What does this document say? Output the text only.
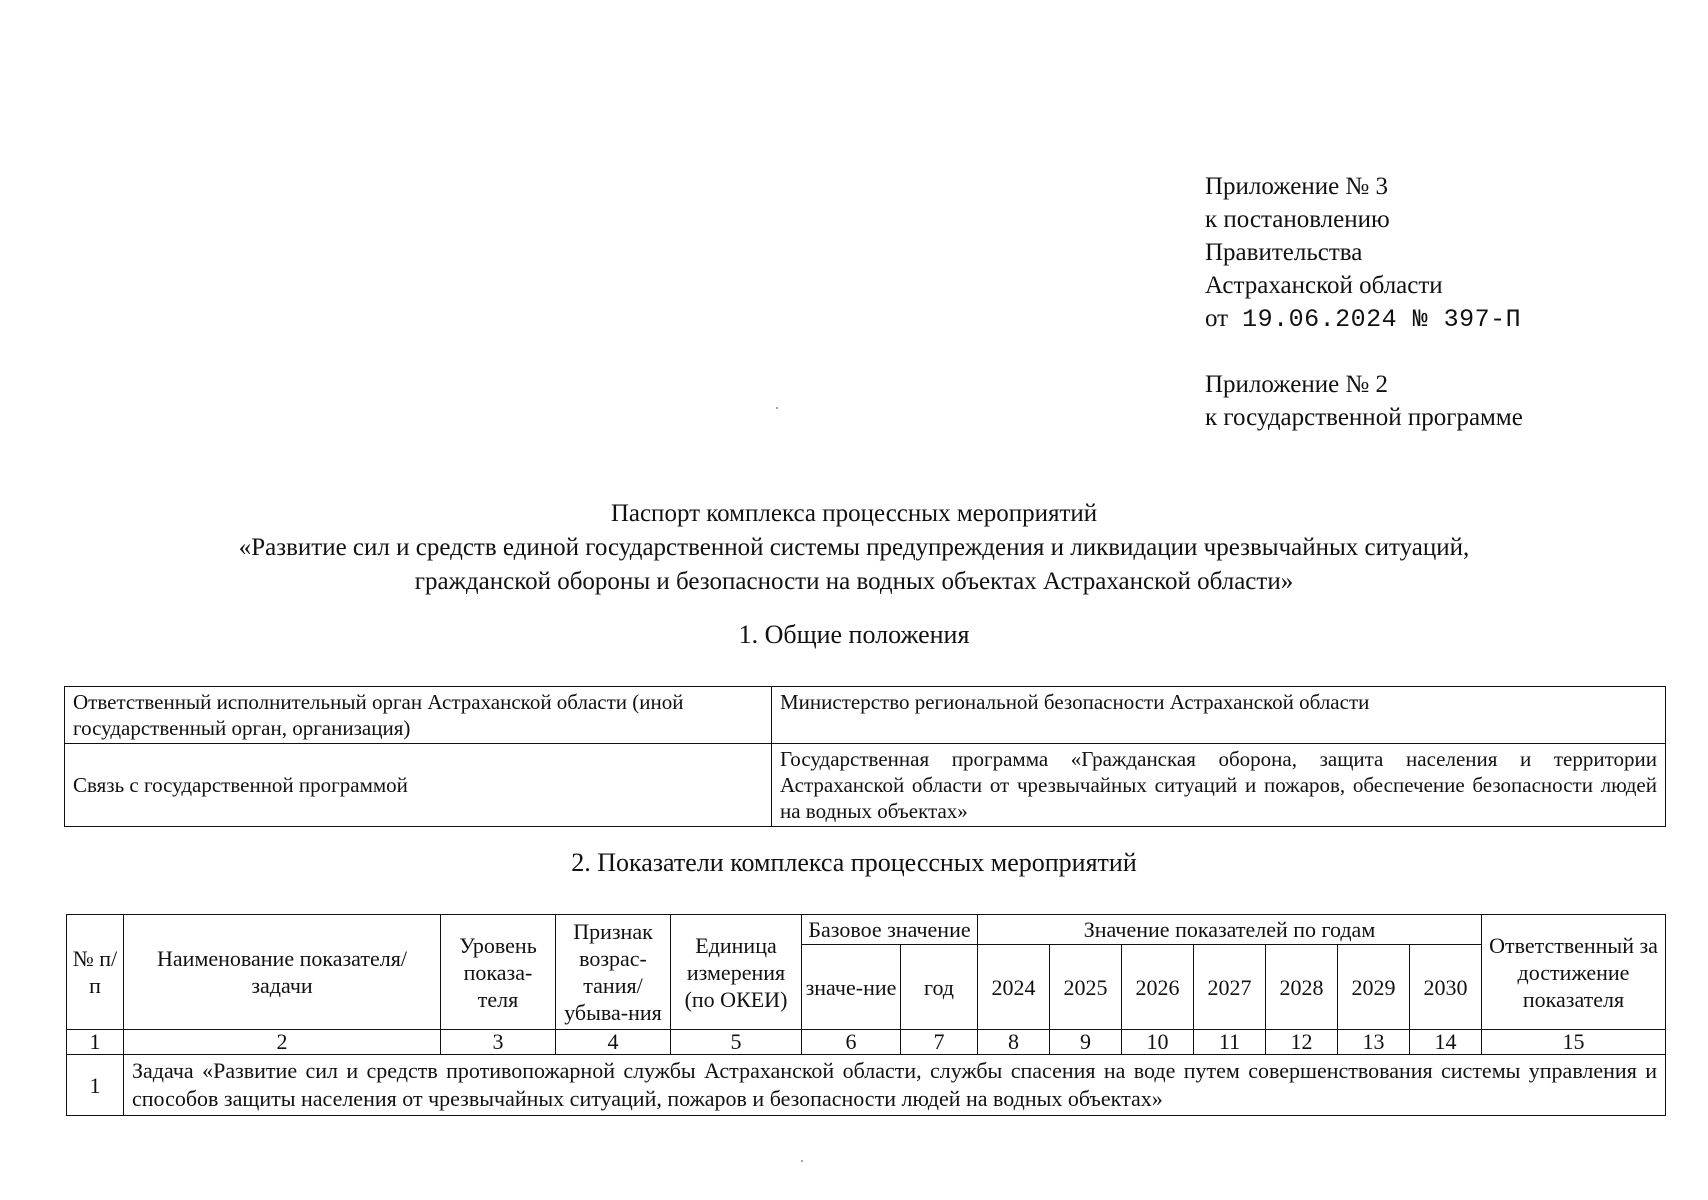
Приложение № 3
к постановлению
Правительства
Астраханской области
от 19.06.2024 № 397-П
Приложение № 2
к государственной программе
Паспорт комплекса процессных мероприятий
«Развитие сил и средств единой государственной системы предупреждения и ликвидации чрезвычайных ситуаций,
гражданской обороны и безопасности на водных объектах Астраханской области»
1. Общие положения
Ответственный исполнительный орган Астраханской области (иной государственный орган, организация)	Министерство региональной безопасности Астраханской области
Связь с государственной программой	Государственная программа «Гражданская оборона, защита населения и территории Астраханской области от чрезвычайных ситуаций и пожаров, обеспечение безопасности людей на водных объектах»
2. Показатели комплекса процессных мероприятий
№ п/п	Наименование показателя/задачи	Уровень показа-теля	Признак возрас-тания/ убыва-ния	Единица измерения (по ОКЕИ)	Базовое значение		Значение показателей по годам							Ответственный за достижение показателя
					значе-ние	год	2024	2025	2026	2027	2028	2029	2030	
1	2	3	4	5	6	7	8	9	10	11	12	13	14	15
1	Задача «Развитие сил и средств противопожарной службы Астраханской области, службы спасения на воде путем совершенствования системы управления и способов защиты населения от чрезвычайных ситуаций, пожаров и безопасности людей на водных объектах»													
